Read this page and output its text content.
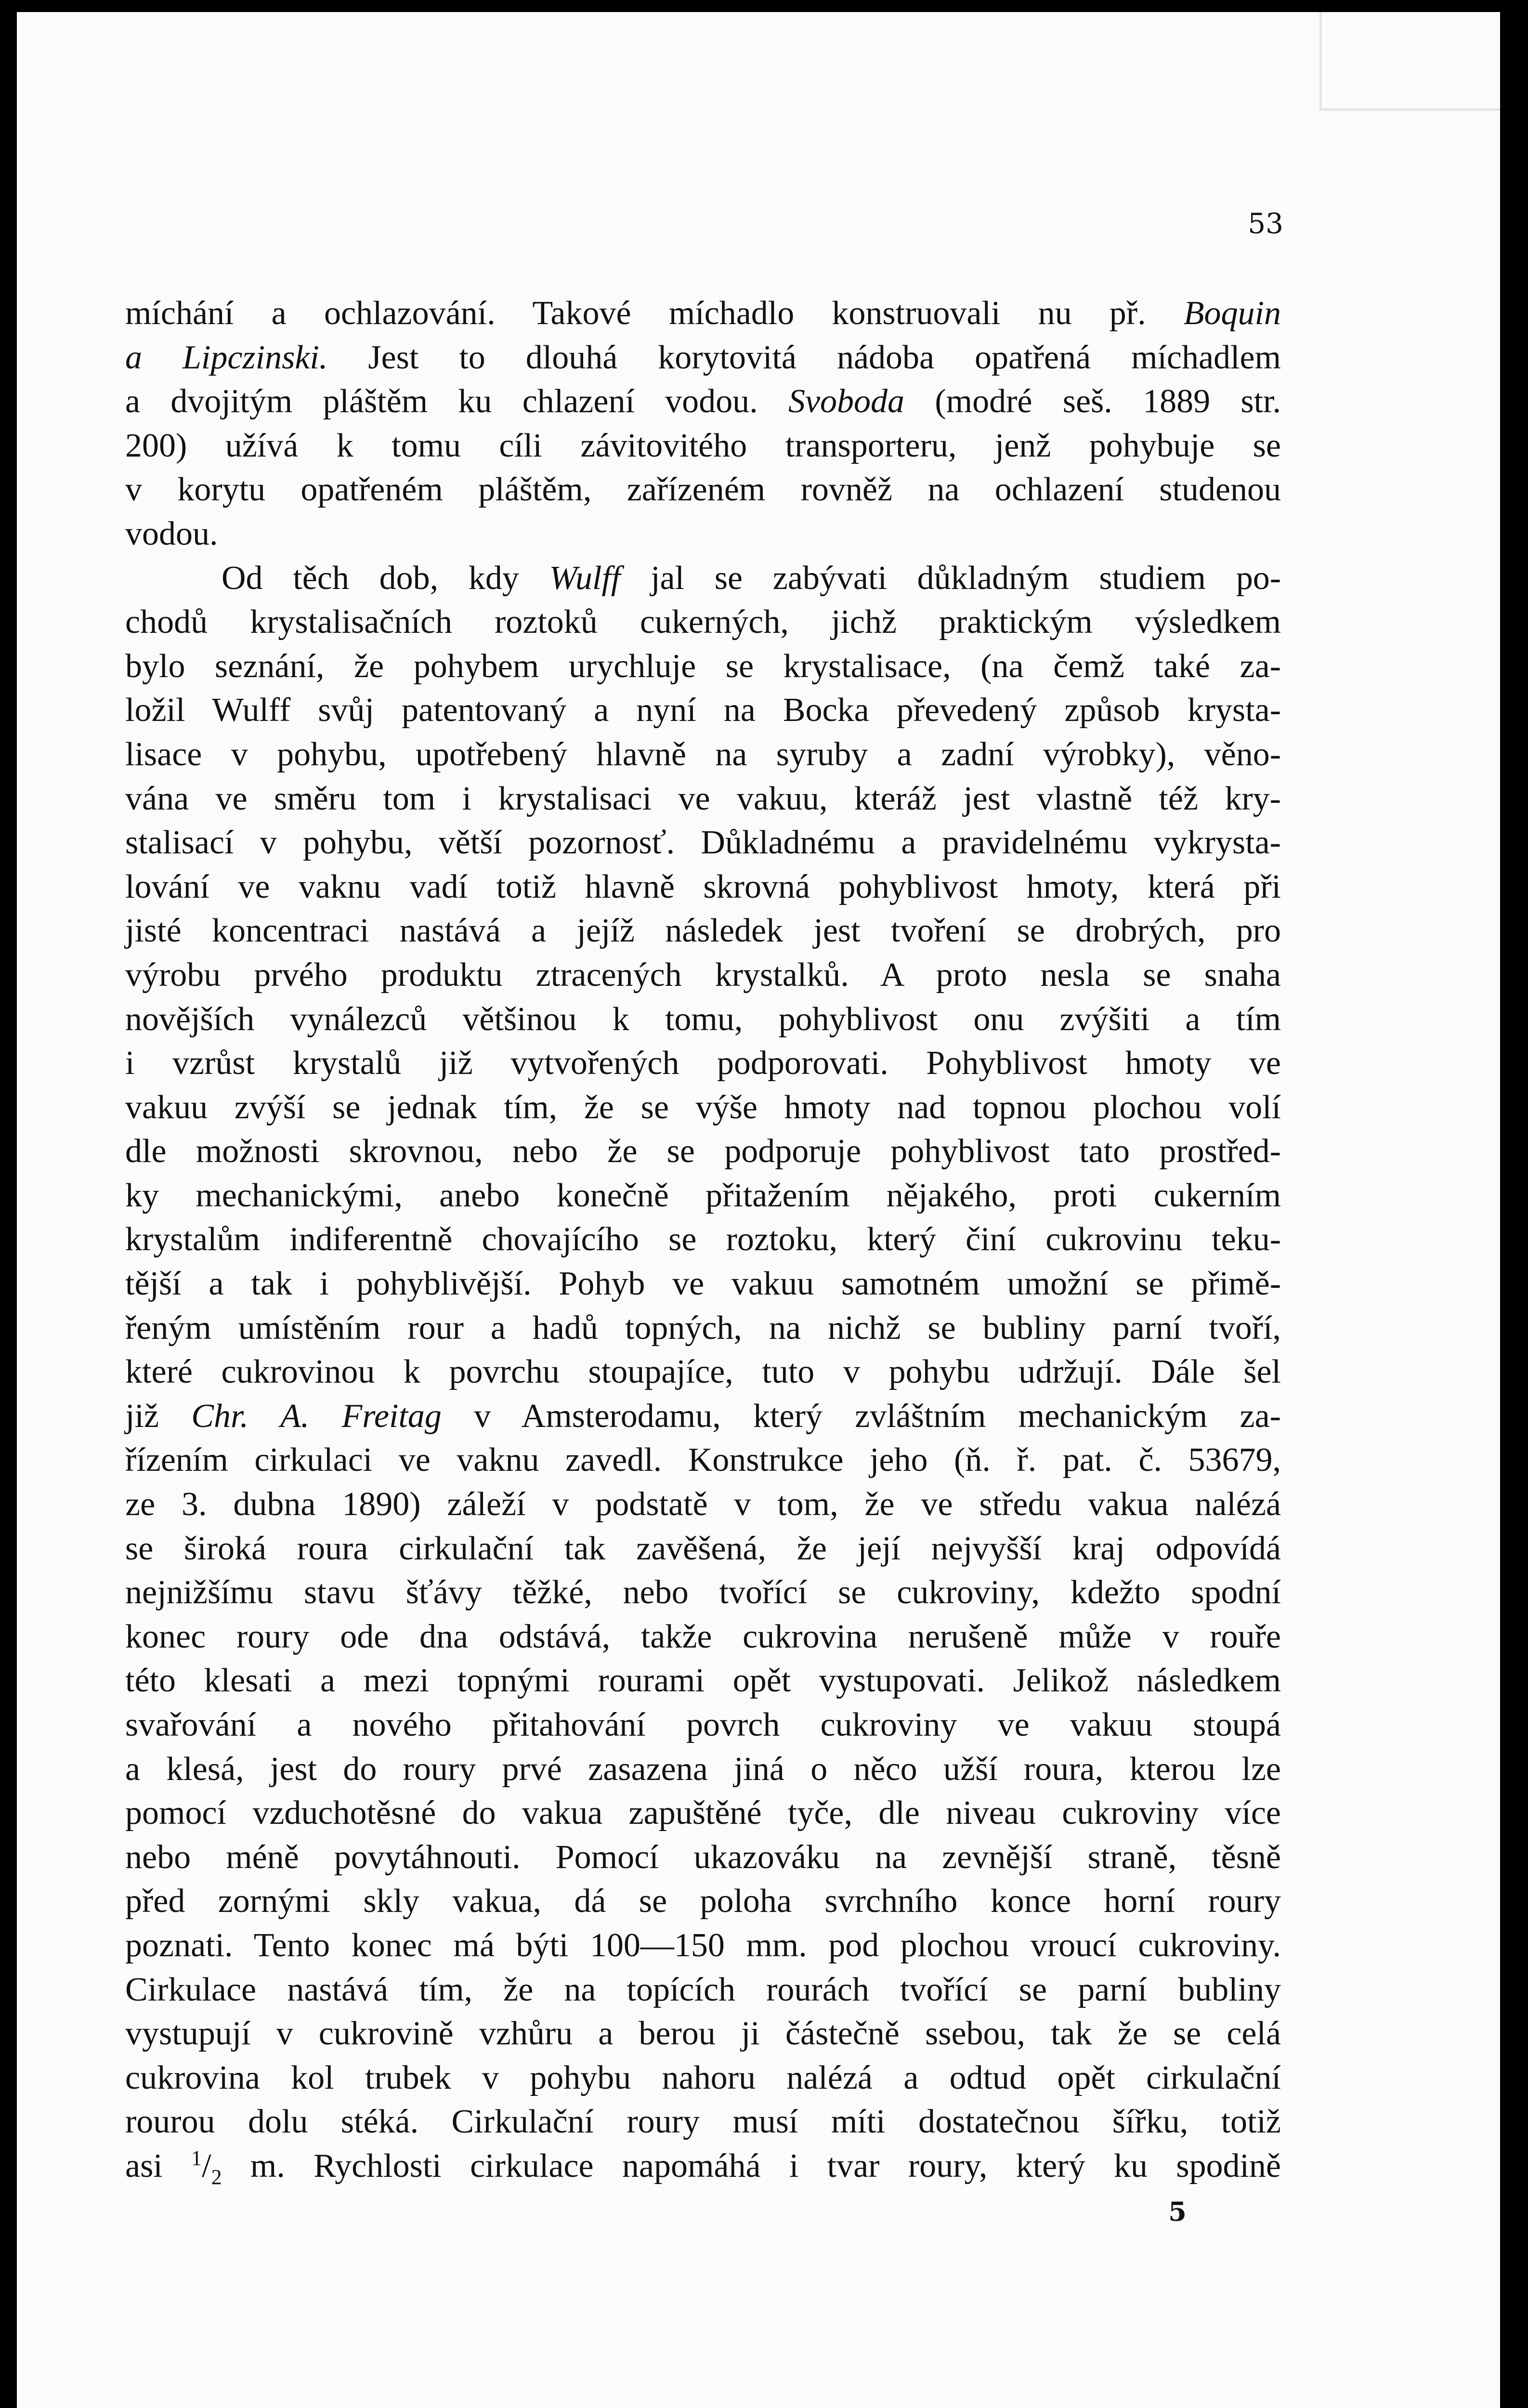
53
míchání a ochlazování. Takové míchadlo konstruovali nu př. Boquin
a Lipczinski. Jest to dlouhá korytovitá nádoba opatřená míchadlem
a dvojitým pláštěm ku chlazení vodou. Svoboda (modré seš. 1889 str.
200) užívá k tomu cíli závitovitého transporteru, jenž pohybuje se
v korytu opatřeném pláštěm, zařízeném rovněž na ochlazení studenou
vodou.
Od těch dob, kdy Wulff jal se zabývati důkladným studiem po-
chodů krystalisačních roztoků cukerných, jichž praktickým výsledkem
bylo seznání, že pohybem urychluje se krystalisace, (na čemž také za-
ložil Wulff svůj patentovaný a nyní na Bocka převedený způsob krysta-
lisace v pohybu, upotřebený hlavně na syruby a zadní výrobky), věno-
vána ve směru tom i krystalisaci ve vakuu, kteráž jest vlastně též kry-
stalisací v pohybu, větší pozornosť. Důkladnému a pravidelnému vykrysta-
lování ve vaknu vadí totiž hlavně skrovná pohyblivost hmoty, která při
jisté koncentraci nastává a jejíž následek jest tvoření se drobrých, pro
výrobu prvého produktu ztracených krystalků. A proto nesla se snaha
novějších vynálezců většinou k tomu, pohyblivost onu zvýšiti a tím
i vzrůst krystalů již vytvořených podporovati. Pohyblivost hmoty ve
vakuu zvýší se jednak tím, že se výše hmoty nad topnou plochou volí
dle možnosti skrovnou, nebo že se podporuje pohyblivost tato prostřed-
ky mechanickými, anebo konečně přitažením nějakého, proti cukerním
krystalům indiferentně chovajícího se roztoku, který činí cukrovinu teku-
tější a tak i pohyblivější. Pohyb ve vakuu samotném umožní se přimě-
řeným umístěním rour a hadů topných, na nichž se bubliny parní tvoří,
které cukrovinou k povrchu stoupajíce, tuto v pohybu udržují. Dále šel
již Chr. A. Freitag v Amsterodamu, který zvláštním mechanickým za-
řízením cirkulaci ve vaknu zavedl. Konstrukce jeho (ň. ř. pat. č. 53679,
ze 3. dubna 1890) záleží v podstatě v tom, že ve středu vakua nalézá
se široká roura cirkulační tak zavěšená, že její nejvyšší kraj odpovídá
nejnižšímu stavu šťávy těžké, nebo tvořící se cukroviny, kdežto spodní
konec roury ode dna odstává, takže cukrovina nerušeně může v rouře
této klesati a mezi topnými rourami opět vystupovati. Jelikož následkem
svařování a nového přitahování povrch cukroviny ve vakuu stoupá
a klesá, jest do roury prvé zasazena jiná o něco užší roura, kterou lze
pomocí vzduchotěsné do vakua zapuštěné tyče, dle niveau cukroviny více
nebo méně povytáhnouti. Pomocí ukazováku na zevnější straně, těsně
před zornými skly vakua, dá se poloha svrchního konce horní roury
poznati. Tento konec má býti 100—150 mm. pod plochou vroucí cukroviny.
Cirkulace nastává tím, že na topících rourách tvořící se parní bubliny
vystupují v cukrovině vzhůru a berou ji částečně ssebou, tak že se celá
cukrovina kol trubek v pohybu nahoru nalézá a odtud opět cirkulační
rourou dolu stéká. Cirkulační roury musí míti dostatečnou šířku, totiž
asi $^1/_2$ m. Rychlosti cirkulace napomáhá i tvar roury, který ku spodině
5
